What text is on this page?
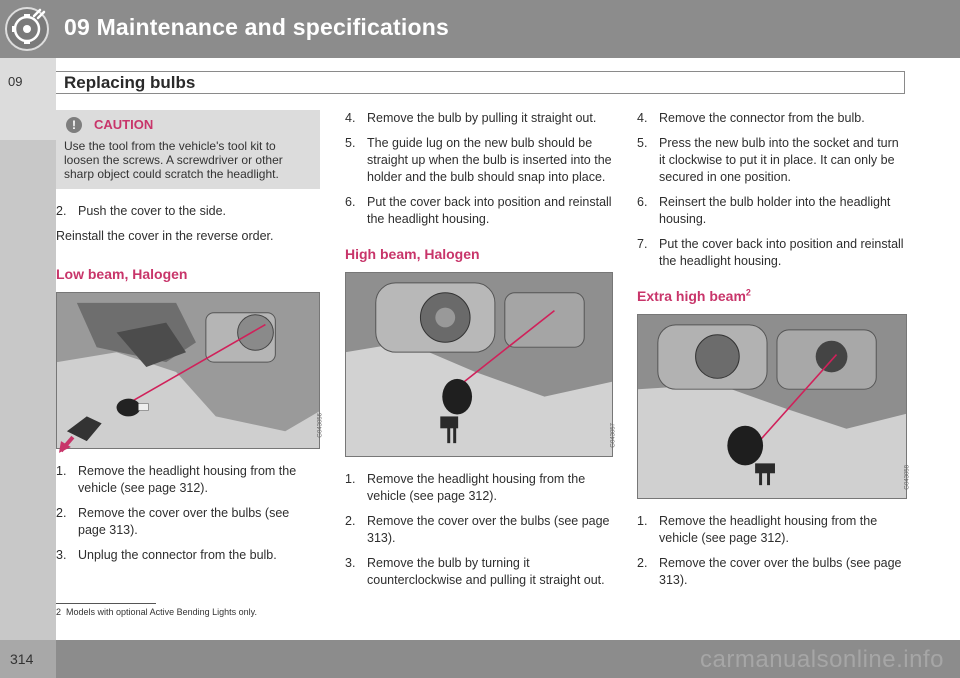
09 Maintenance and specifications
09 Replacing bulbs
!	CAUTION
Use the tool from the vehicle's tool kit to loosen the screws. A screwdriver or other sharp object could scratch the headlight.
2. Push the cover to the side.
Reinstall the cover in the reverse order.
Low beam, Halogen
G043056
1. Remove the headlight housing from the vehicle (see page 312).
2. Remove the cover over the bulbs (see page 313).
3. Unplug the connector from the bulb.
4. Remove the bulb by pulling it straight out.
5. The guide lug on the new bulb should be straight up when the bulb is inserted into the holder and the bulb should snap into place.
6. Put the cover back into position and reinstall the headlight housing.
High beam, Halogen
G043057
1. Remove the headlight housing from the vehicle (see page 312).
2. Remove the cover over the bulbs (see page 313).
3. Remove the bulb by turning it counterclockwise and pulling it straight out.
4. Remove the connector from the bulb.
5. Press the new bulb into the socket and turn it clockwise to put it in place. It can only be secured in one position.
6. Reinsert the bulb holder into the headlight housing.
7. Put the cover back into position and reinstall the headlight housing.
Extra high beam$^2$
G043058
1. Remove the headlight housing from the vehicle (see page 312).
2. Remove the cover over the bulbs (see page 313).
2 Models with optional Active Bending Lights only.
314	carmanualsonline.info
